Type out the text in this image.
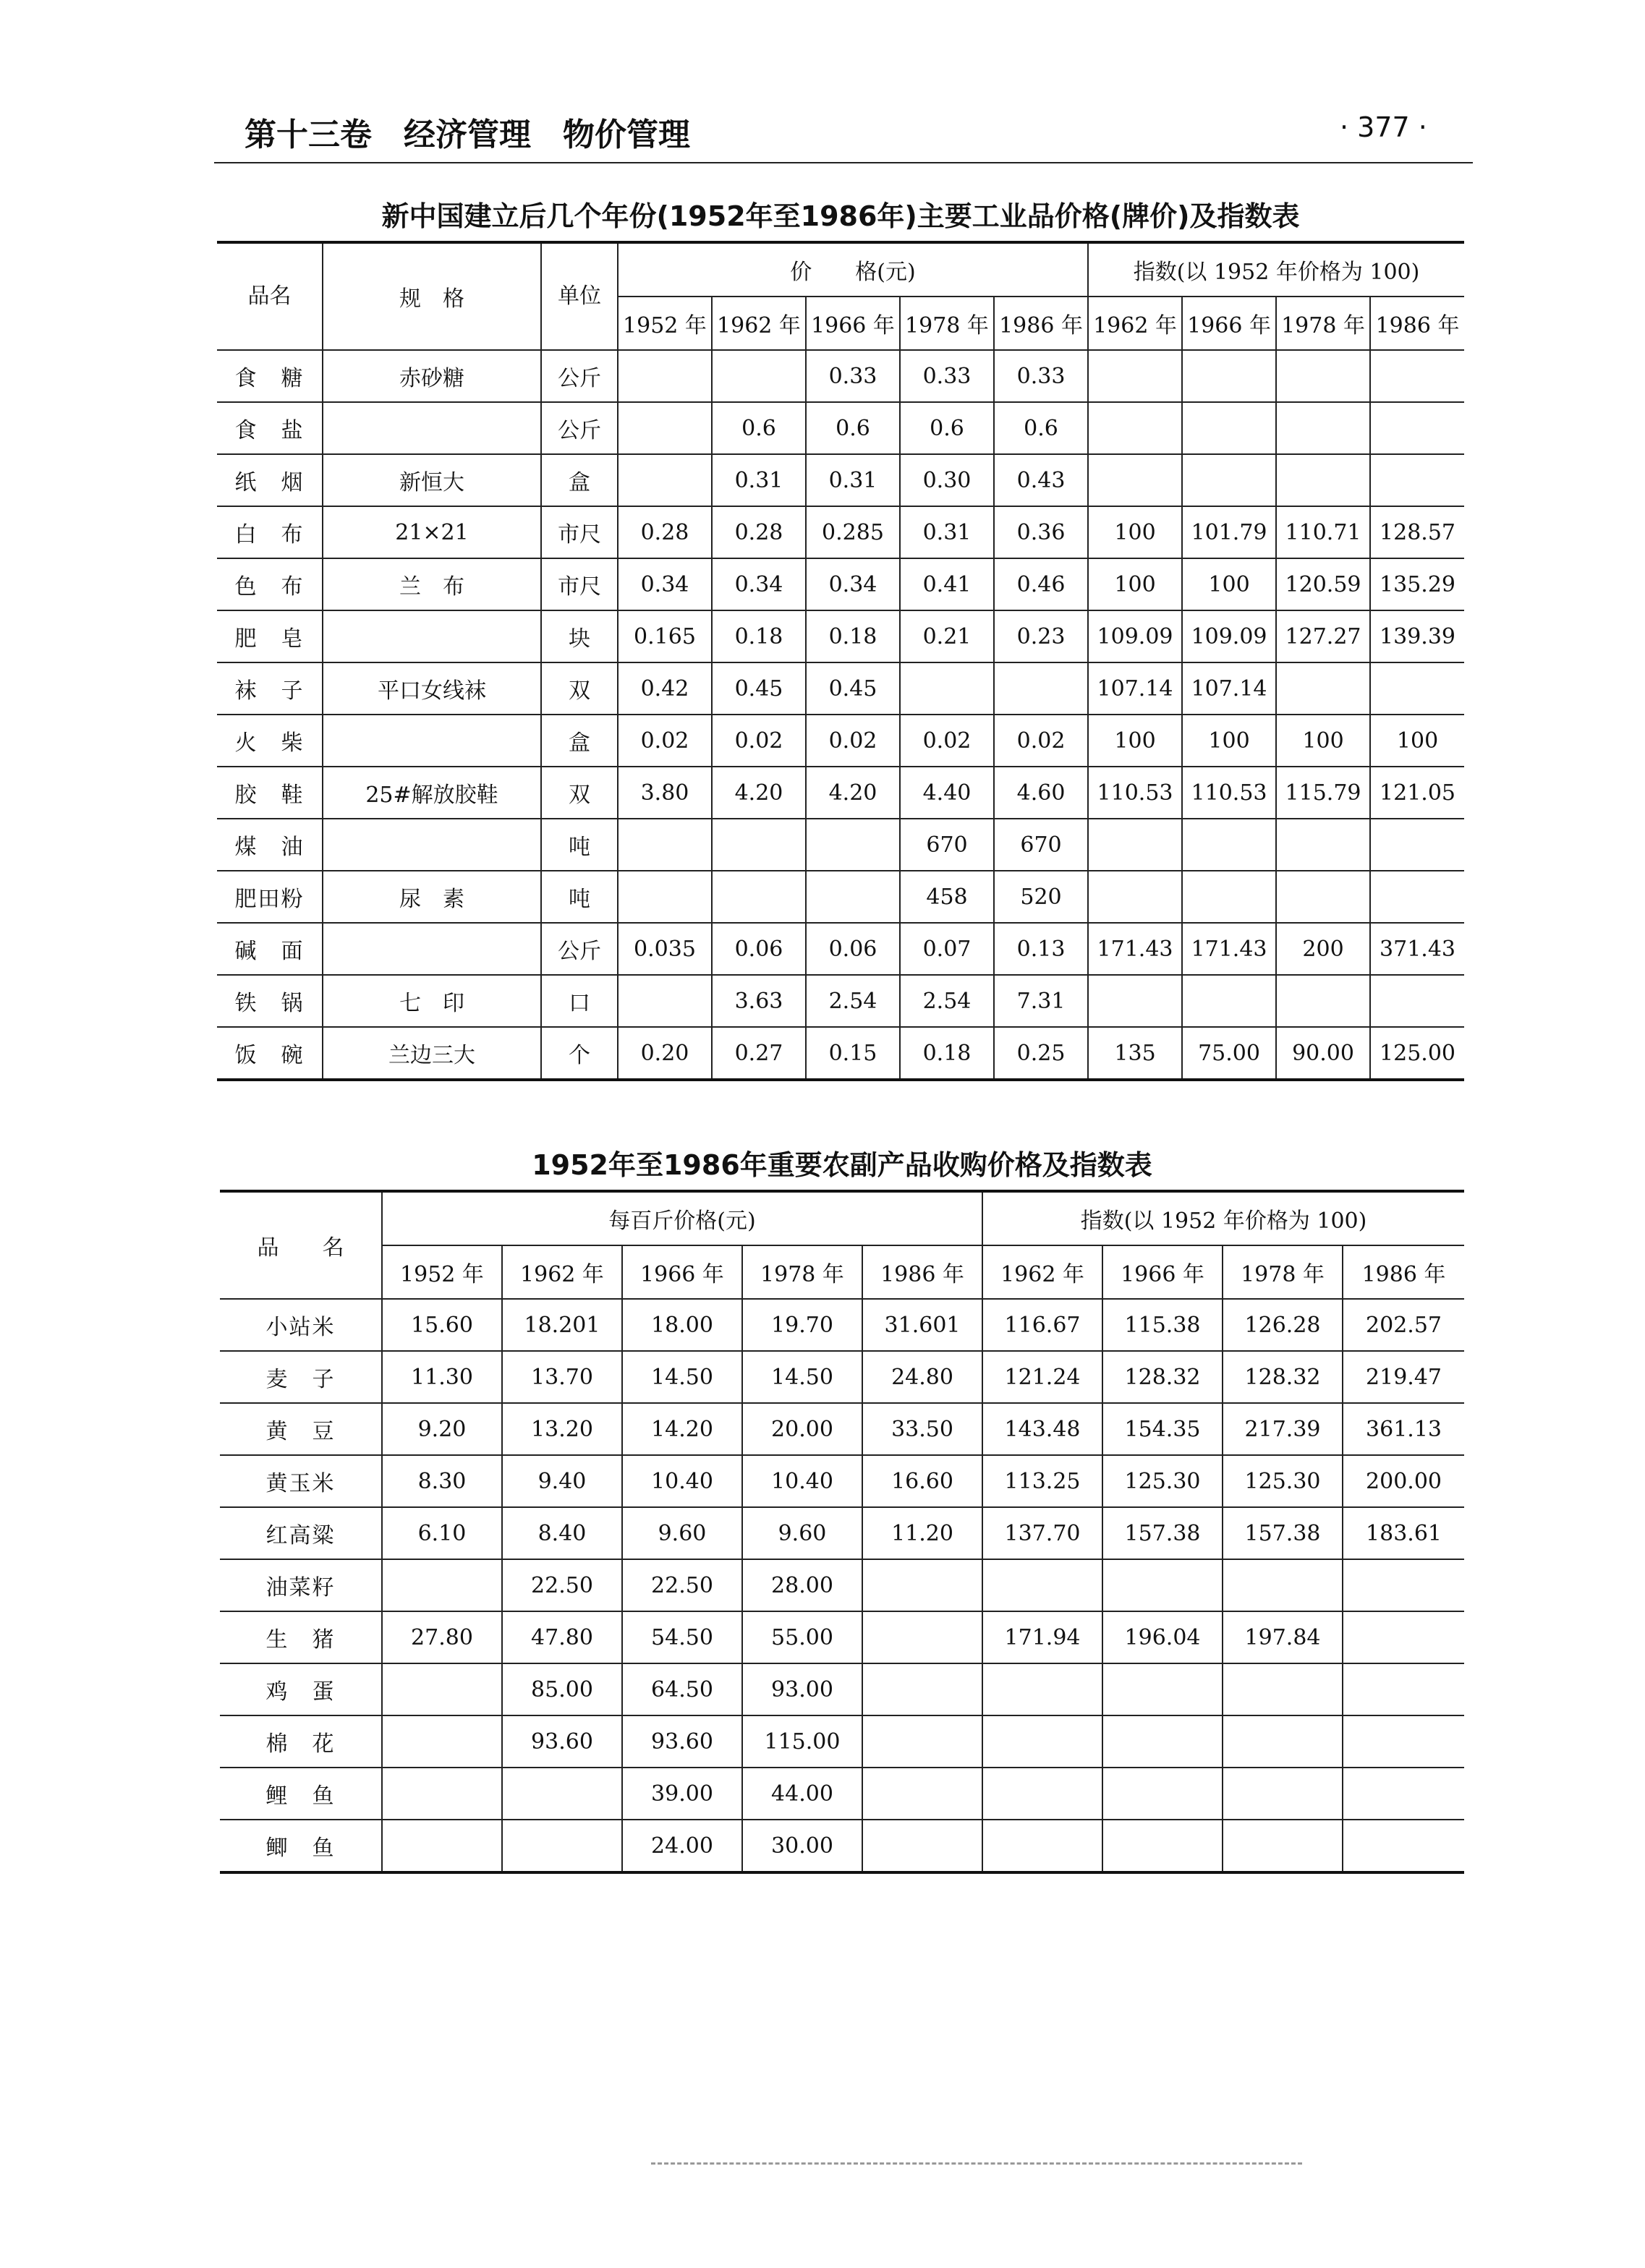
第十三卷　经济管理　物价管理	· 377 ·
新中国建立后几个年份(1952年至1986年)主要工业品价格(牌价)及指数表
品名	规　格	单位	价　　格(元)					指数(以 1952 年价格为 100)			
			1952 年	1962 年	1966 年	1978 年	1986 年	1962 年	1966 年	1978 年	1986 年
食　糖	赤砂糖	公斤			0.33	0.33	0.33				
食　盐		公斤		0.6	0.6	0.6	0.6				
纸　烟	新恒大	盒		0.31	0.31	0.30	0.43				
白　布	21×21	市尺	0.28	0.28	0.285	0.31	0.36	100	101.79	110.71	128.57
色　布	兰　布	市尺	0.34	0.34	0.34	0.41	0.46	100	100	120.59	135.29
肥　皂		块	0.165	0.18	0.18	0.21	0.23	109.09	109.09	127.27	139.39
袜　子	平口女线袜	双	0.42	0.45	0.45			107.14	107.14		
火　柴		盒	0.02	0.02	0.02	0.02	0.02	100	100	100	100
胶　鞋	25#解放胶鞋	双	3.80	4.20	4.20	4.40	4.60	110.53	110.53	115.79	121.05
煤　油		吨				670	670				
肥田粉	尿　素	吨				458	520				
碱　面		公斤	0.035	0.06	0.06	0.07	0.13	171.43	171.43	200	371.43
铁　锅	七　印	口		3.63	2.54	2.54	7.31				
饭　碗	兰边三大	个	0.20	0.27	0.15	0.18	0.25	135	75.00	90.00	125.00
1952年至1986年重要农副产品收购价格及指数表
品　　名	每百斤价格(元)					指数(以 1952 年价格为 100)			
	1952 年	1962 年	1966 年	1978 年	1986 年	1962 年	1966 年	1978 年	1986 年
小站米	15.60	18.201	18.00	19.70	31.601	116.67	115.38	126.28	202.57
麦　子	11.30	13.70	14.50	14.50	24.80	121.24	128.32	128.32	219.47
黄　豆	9.20	13.20	14.20	20.00	33.50	143.48	154.35	217.39	361.13
黄玉米	8.30	9.40	10.40	10.40	16.60	113.25	125.30	125.30	200.00
红高粱	6.10	8.40	9.60	9.60	11.20	137.70	157.38	157.38	183.61
油菜籽		22.50	22.50	28.00					
生　猪	27.80	47.80	54.50	55.00		171.94	196.04	197.84	
鸡　蛋		85.00	64.50	93.00					
棉　花		93.60	93.60	115.00					
鲤　鱼			39.00	44.00					
鲫　鱼			24.00	30.00					
